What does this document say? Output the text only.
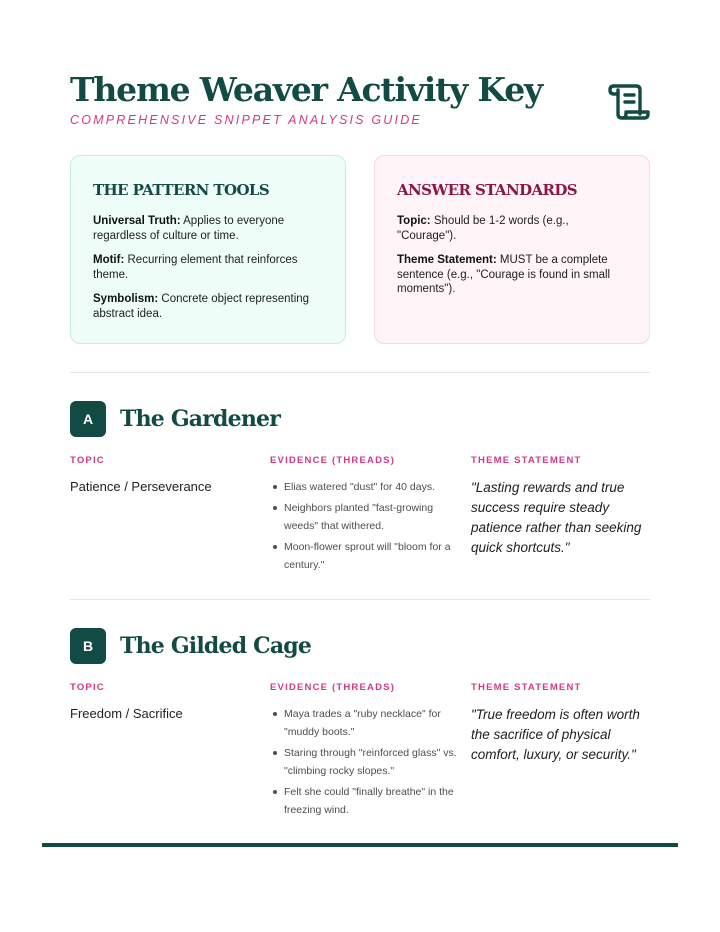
Theme Weaver Activity Key
COMPREHENSIVE SNIPPET ANALYSIS GUIDE
THE PATTERN TOOLS

Universal Truth: Applies to everyone regardless of culture or time.

Motif: Recurring element that reinforces theme.

Symbolism: Concrete object representing abstract idea.

ANSWER STANDARDS

Topic: Should be 1-2 words (e.g., "Courage").

Theme Statement: MUST be a complete sentence (e.g., "Courage is found in small moments").

A	The Gardener
TOPIC
Patience / Perseverance
EVIDENCE (THREADS)
Elias watered "dust" for 40 days.
Neighbors planted "fast-growing weeds" that withered.
Moon-flower sprout will "bloom for a century."
THEME STATEMENT
"Lasting rewards and true success require steady patience rather than seeking quick shortcuts."
B	The Gilded Cage
TOPIC
Freedom / Sacrifice
EVIDENCE (THREADS)
Maya trades a "ruby necklace" for "muddy boots."
Staring through "reinforced glass" vs. "climbing rocky slopes."
Felt she could "finally breathe" in the freezing wind.
THEME STATEMENT
"True freedom is often worth the sacrifice of physical comfort, luxury, or security."
